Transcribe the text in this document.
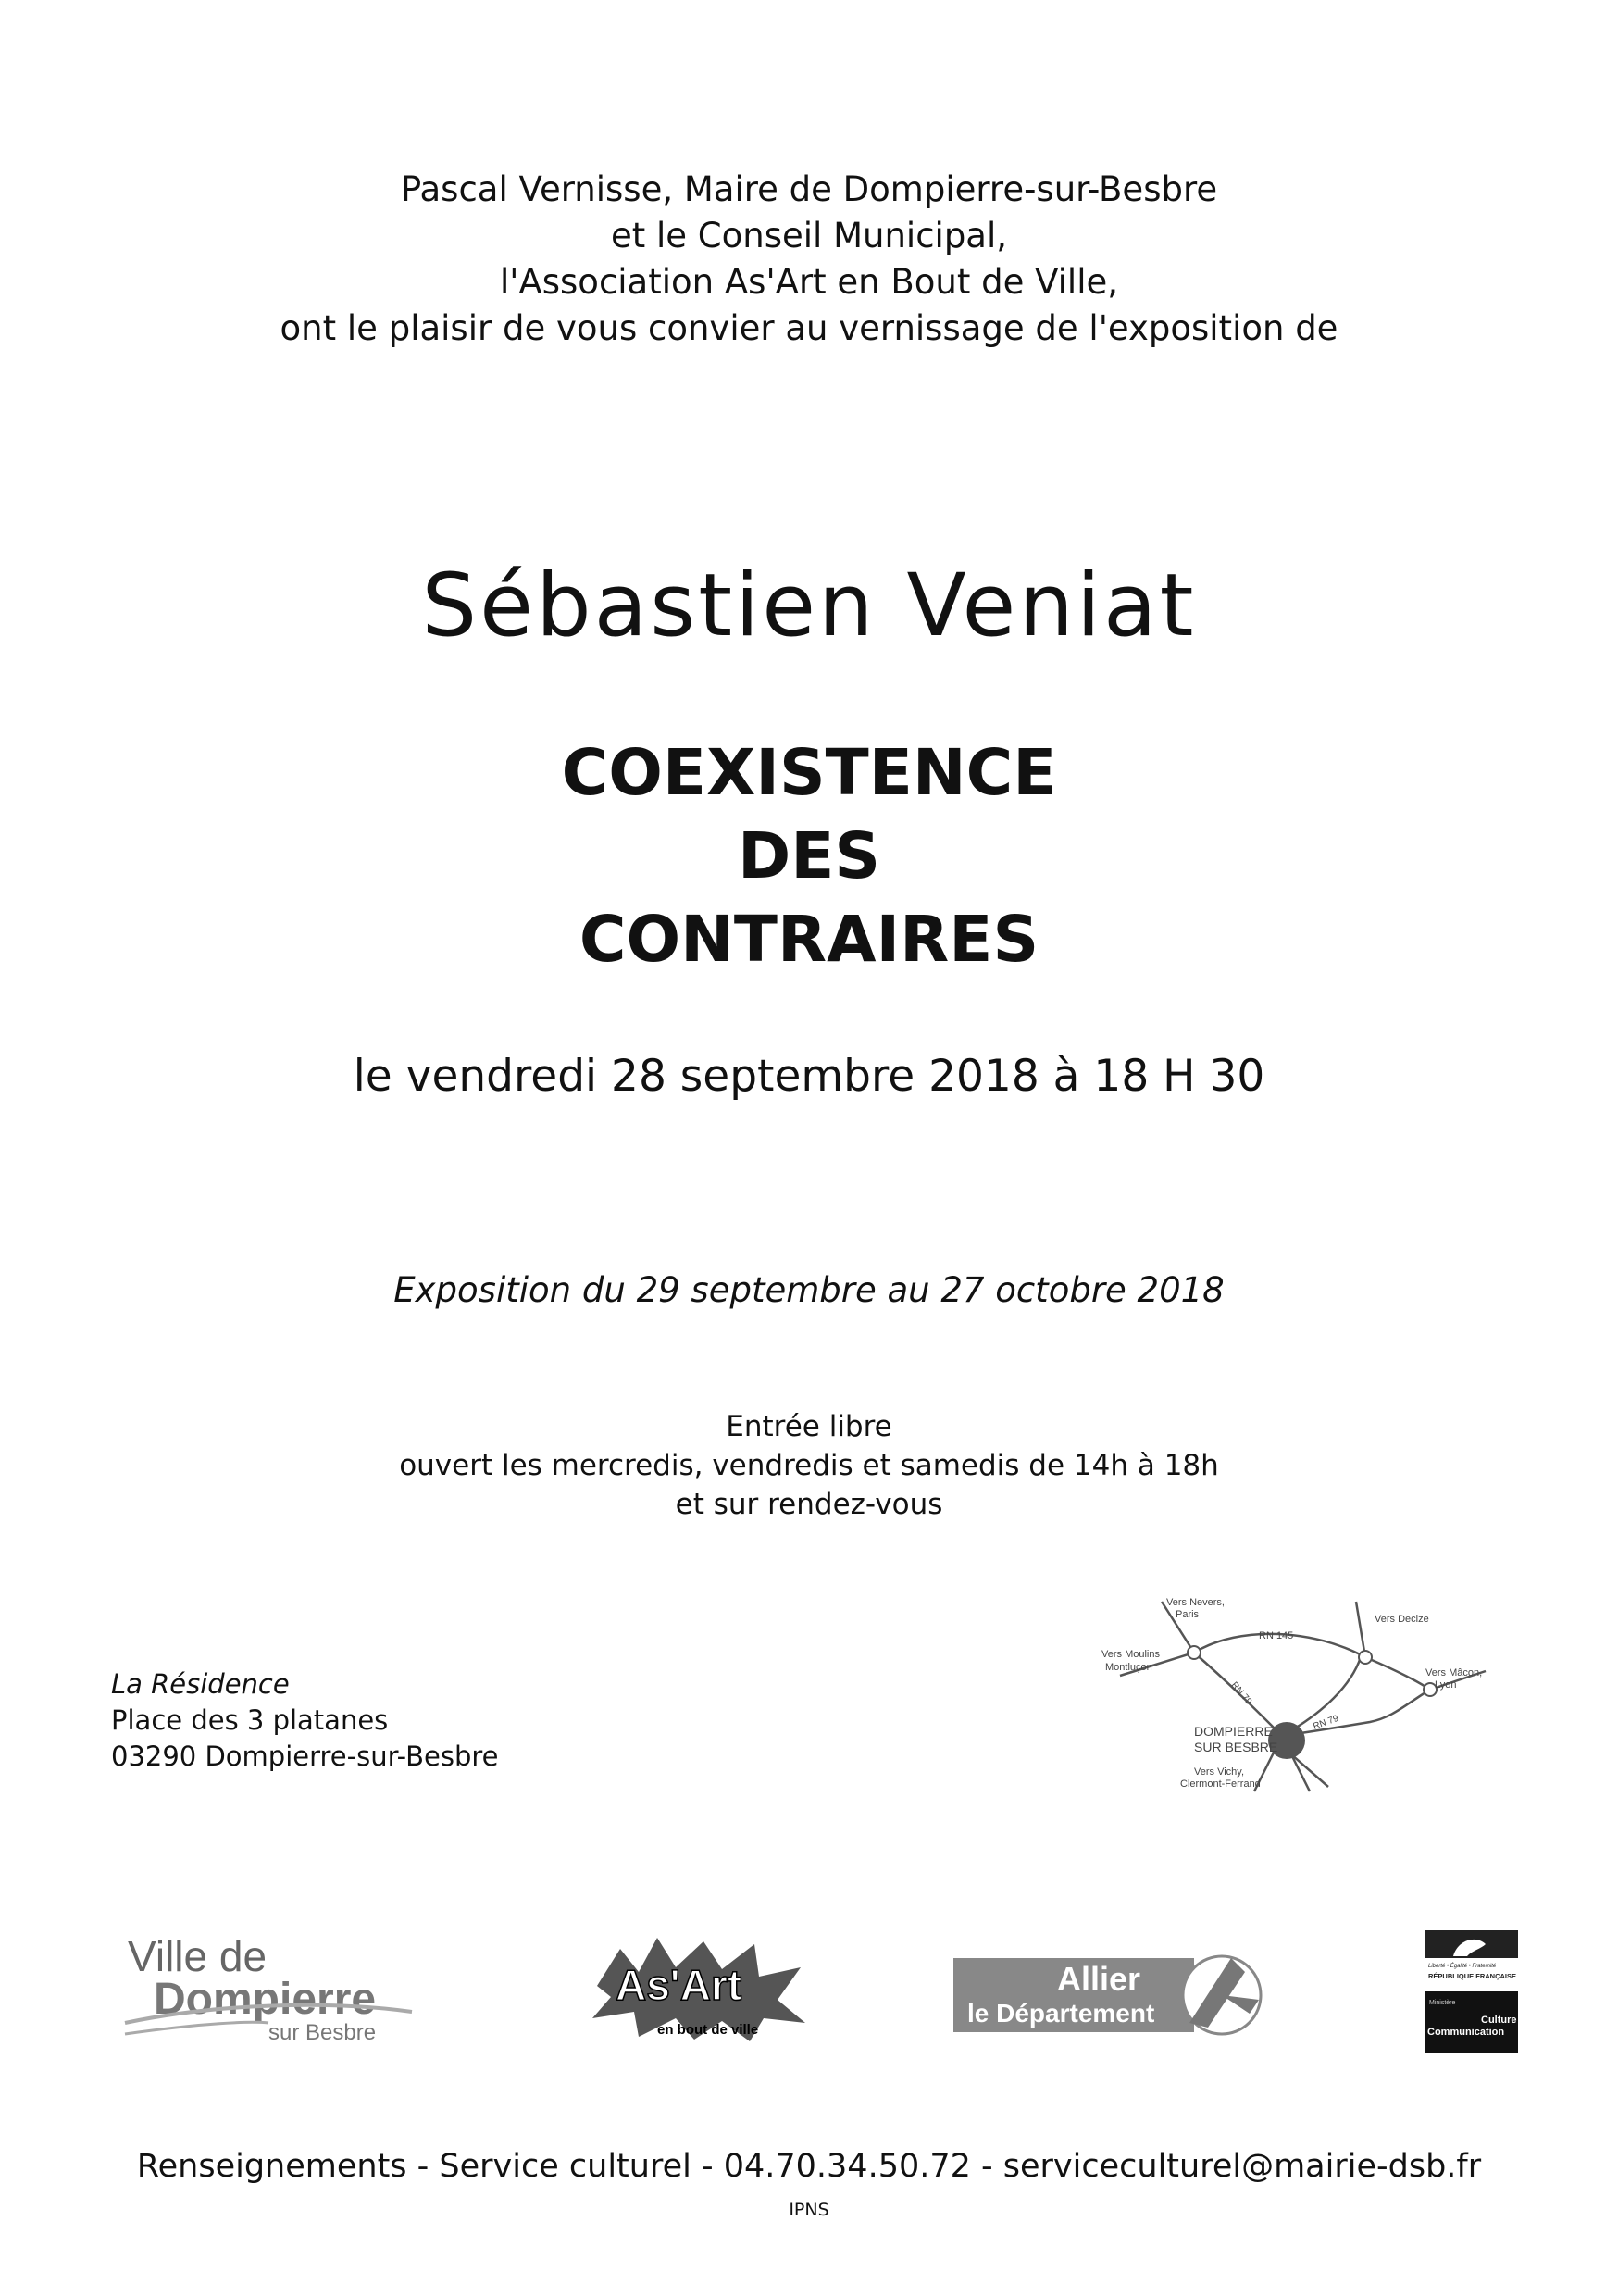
Pascal Vernisse, Maire de Dompierre-sur-Besbre
et le Conseil Municipal,
l'Association As'Art en Bout de Ville,
ont le plaisir de vous convier au vernissage de l'exposition de
Sébastien Veniat
COEXISTENCE
DES
CONTRAIRES
le vendredi 28 septembre 2018 à 18 H 30
Exposition du 29 septembre au 27 octobre 2018
Entrée libre
ouvert les mercredis, vendredis et samedis de 14h à 18h
et sur rendez-vous
La Résidence
Place des 3 platanes
03290 Dompierre-sur-Besbre
Vers Nevers,
Paris	Vers Decize
Vers Moulins
Montluçon
RN 145
Vers Mâcon,
Lyon
RN 79
RN 79
DOMPIERRE
SUR BESBRE
Vers Vichy,
Clermont-Ferrand
Ville de
Dompierre
sur Besbre
As'Art
en bout de ville
Allier
le Département
Liberté • Égalité • Fraternité
RÉPUBLIQUE FRANÇAISE
Ministère
Culture
Communication
Renseignements - Service culturel - 04.70.34.50.72 - serviceculturel@mairie-dsb.fr
IPNS
